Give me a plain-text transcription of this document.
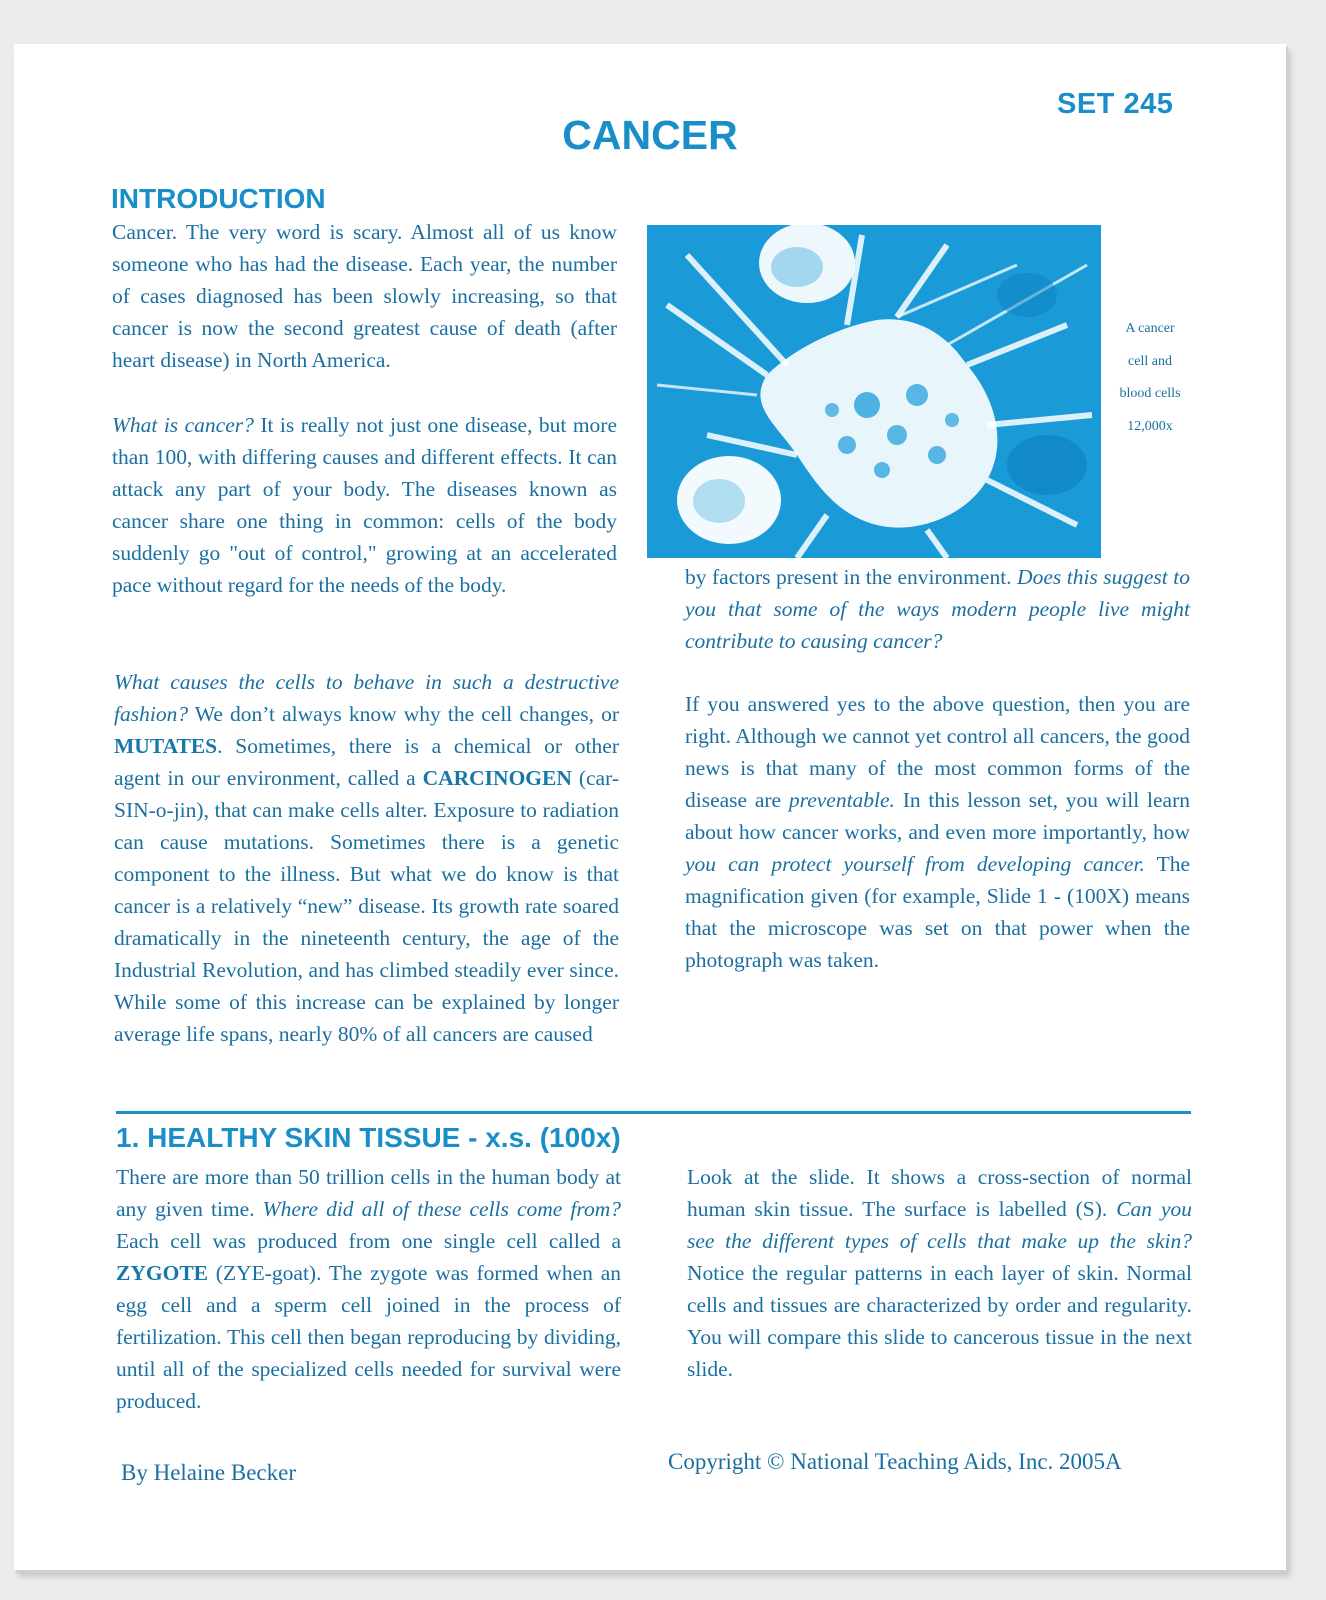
SET 245
CANCER
INTRODUCTION

Cancer. The very word is scary. Almost all of us know someone who has had the disease. Each year, the number of cases diagnosed has been slowly increasing, so that cancer is now the second greatest cause of death (after heart disease) in North America.

What is cancer? It is really not just one disease, but more than 100, with differing causes and different effects. It can attack any part of your body. The diseases known as cancer share one thing in common: cells of the body suddenly go "out of control," growing at an accelerated pace without regard for the needs of the body.

What causes the cells to behave in such a destructive fashion? We don’t always know why the cell changes, or MUTATES. Sometimes, there is a chemical or other agent in our environment, called a CARCINOGEN (car-SIN-o-jin), that can make cells alter. Exposure to radiation can cause mutations. Sometimes there is a genetic component to the illness. But what we do know is that cancer is a relatively “new” disease. Its growth rate soared dramatically in the nineteenth century, the age of the Industrial Revolution, and has climbed steadily ever since. While some of this increase can be explained by longer average life spans, nearly 80% of all cancers are caused

A cancer
cell and
blood cells
12,000x

by factors present in the environment. Does this suggest to you that some of the ways modern people live might contribute to causing cancer?

If you answered yes to the above question, then you are right. Although we cannot yet control all cancers, the good news is that many of the most common forms of the disease are preventable. In this lesson set, you will learn about how cancer works, and even more importantly, how you can protect yourself from developing cancer. The magnification given (for example, Slide 1 - (100X) means that the microscope was set on that power when the photograph was taken.

1. HEALTHY SKIN TISSUE - x.s. (100x)

There are more than 50 trillion cells in the human body at any given time. Where did all of these cells come from? Each cell was produced from one single cell called a ZYGOTE (ZYE-goat). The zygote was formed when an egg cell and a sperm cell joined in the process of fertilization. This cell then began reproducing by dividing, until all of the specialized cells needed for survival were produced.

Look at the slide. It shows a cross-section of normal human skin tissue. The surface is labelled (S). Can you see the different types of cells that make up the skin? Notice the regular patterns in each layer of skin. Normal cells and tissues are characterized by order and regularity. You will compare this slide to cancerous tissue in the next slide.

By Helaine Becker	Copyright © National Teaching Aids, Inc. 2005A
